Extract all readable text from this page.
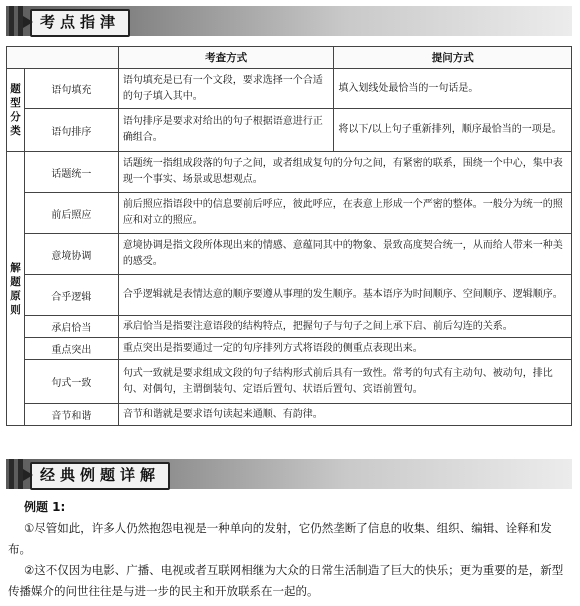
考点指津
		考查方式	提问方式
题型分类	语句填充	语句填充是已有一个文段，要求选择一个合适的句子填入其中。	填入划线处最恰当的一句话是。
	语句排序	语句排序是要求对给出的句子根据语意进行正确组合。	将以下/以上句子重新排列，顺序最恰当的一项是。
解题原则	话题统一	话题统一指组成段落的句子之间，或者组成复句的分句之间，有紧密的联系，围绕一个中心，集中表现一个事实、场景或思想观点。	
	前后照应	前后照应指语段中的信息要前后呼应，彼此呼应，在表意上形成一个严密的整体。一般分为统一的照应和对立的照应。	
	意境协调	意境协调是指文段所体现出来的情感、意蕴同其中的物象、景致高度契合统一，从而给人带来一种美的感受。	
	合乎逻辑	合乎逻辑就是表情达意的顺序要遵从事理的发生顺序。基本语序为时间顺序、空间顺序、逻辑顺序。	
	承启恰当	承启恰当是指要注意语段的结构特点，把握句子与句子之间上承下启、前后勾连的关系。	
	重点突出	重点突出是指要通过一定的句序排列方式将语段的侧重点表现出来。	
	句式一致	句式一致就是要求组成文段的句子结构形式前后具有一致性。常考的句式有主动句、被动句，排比句、对偶句，主谓倒装句、定语后置句、状语后置句、宾语前置句。	
	音节和谐	音节和谐就是要求语句读起来通顺、有韵律。	
经典例题详解
例题 1:

①尽管如此，许多人仍然抱怨电视是一种单向的发射，它仍然垄断了信息的收集、组织、编辑、诠释和发布。

②这不仅因为电影、广播、电视或者互联网相继为大众的日常生活制造了巨大的快乐；更为重要的是，新型传播媒介的问世往往是与进一步的民主和开放联系在一起的。
